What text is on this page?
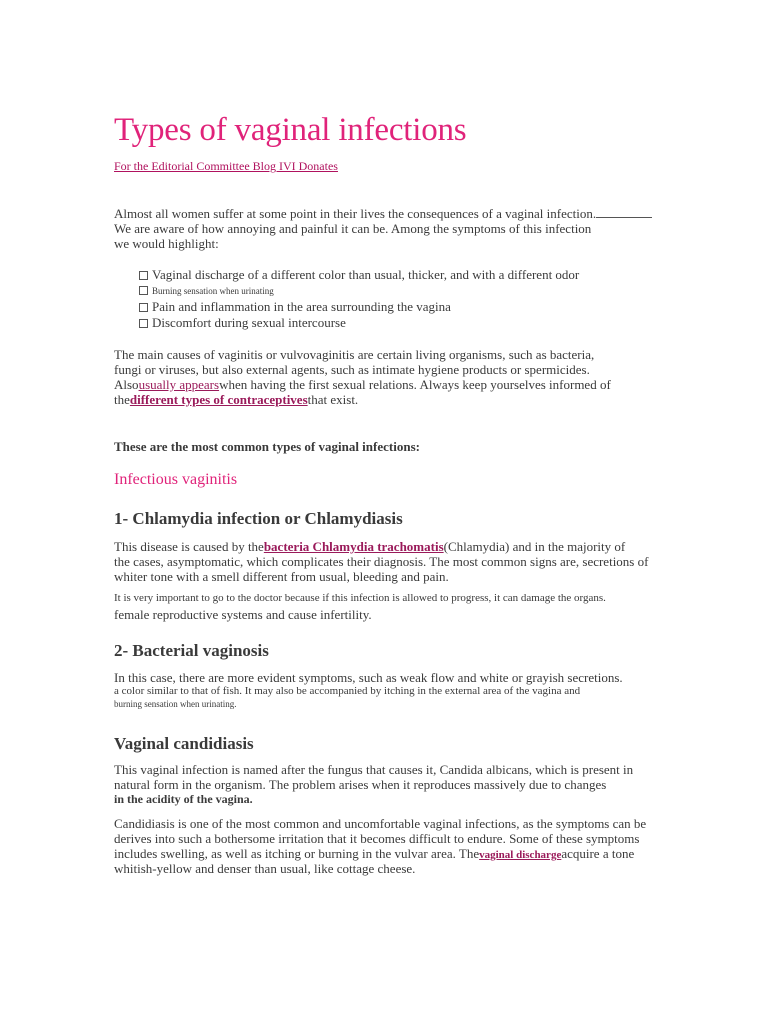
Types of vaginal infections
For the Editorial Committee Blog IVI Donates
Almost all women suffer at some point in their lives the consequences of a vaginal infection.
We are aware of how annoying and painful it can be. Among the symptoms of this infection
we would highlight:
Vaginal discharge of a different color than usual, thicker, and with a different odor
Burning sensation when urinating
Pain and inflammation in the area surrounding the vagina
Discomfort during sexual intercourse
The main causes of vaginitis or vulvovaginitis are certain living organisms, such as bacteria,
fungi or viruses, but also external agents, such as intimate hygiene products or spermicides.
Alsousually appearswhen having the first sexual relations. Always keep yourselves informed of
thedifferent types of contraceptivesthat exist.
These are the most common types of vaginal infections:
Infectious vaginitis
1- Chlamydia infection or Chlamydiasis
This disease is caused by thebacteria Chlamydia trachomatis(Chlamydia) and in the majority of
the cases, asymptomatic, which complicates their diagnosis. The most common signs are, secretions of
whiter tone with a smell different from usual, bleeding and pain.
It is very important to go to the doctor because if this infection is allowed to progress, it can damage the organs.
female reproductive systems and cause infertility.
2- Bacterial vaginosis
In this case, there are more evident symptoms, such as weak flow and white or grayish secretions.
a color similar to that of fish. It may also be accompanied by itching in the external area of the vagina and
burning sensation when urinating.
Vaginal candidiasis
This vaginal infection is named after the fungus that causes it, Candida albicans, which is present in
natural form in the organism. The problem arises when it reproduces massively due to changes
in the acidity of the vagina.
Candidiasis is one of the most common and uncomfortable vaginal infections, as the symptoms can be
derives into such a bothersome irritation that it becomes difficult to endure. Some of these symptoms
includes swelling, as well as itching or burning in the vulvar area. Thevaginal dischargeacquire a tone
whitish-yellow and denser than usual, like cottage cheese.
